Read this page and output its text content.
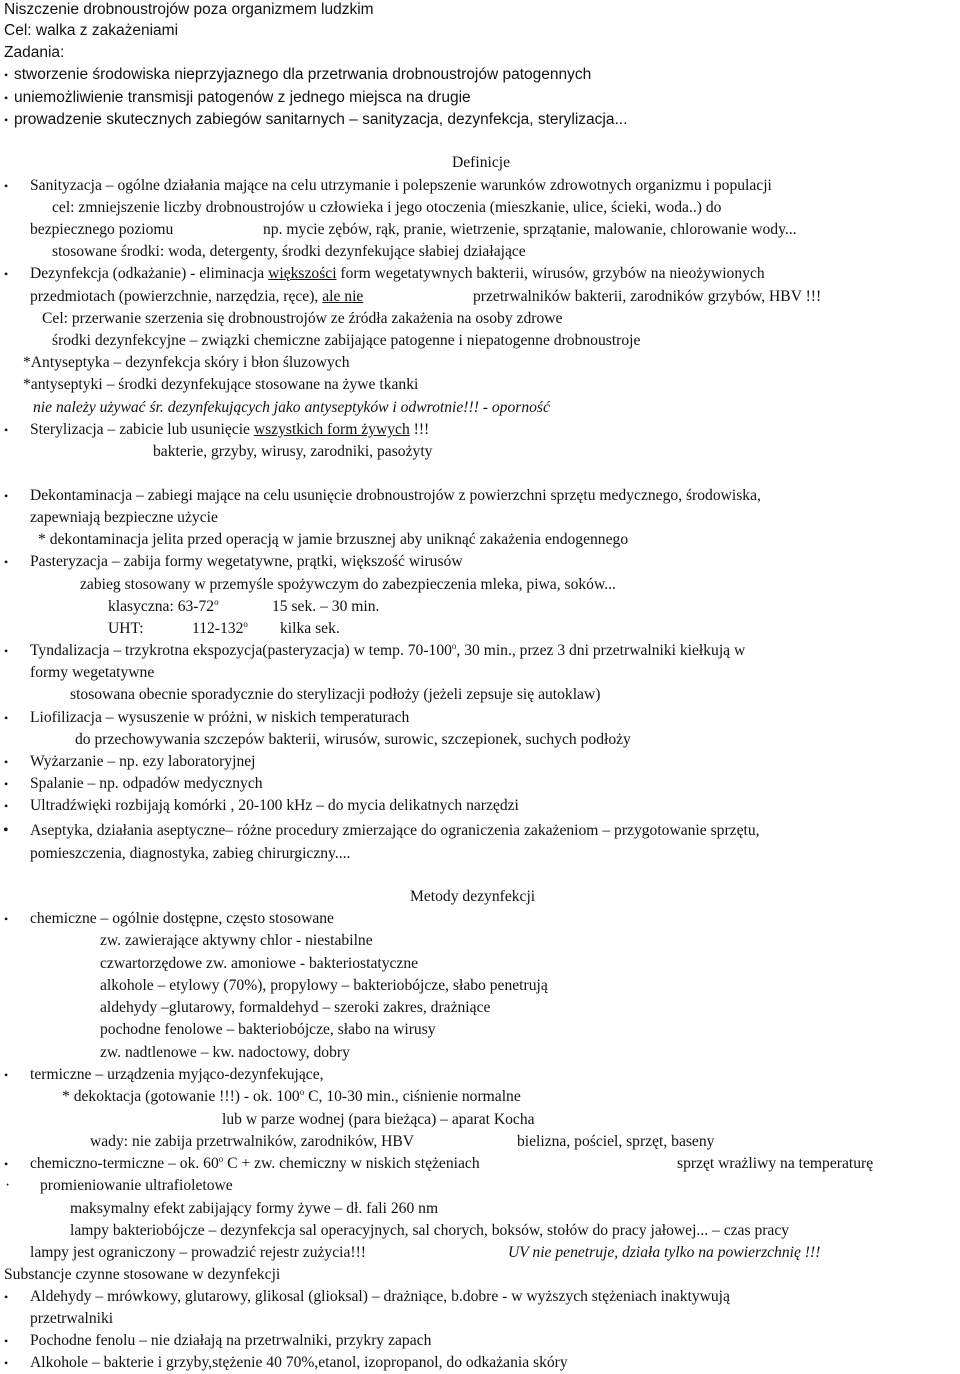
Niszczenie drobnoustrojów poza organizmem ludzkim
Cel: walka z zakażeniami
Zadania:
• stworzenie środowiska nieprzyjaznego dla przetrwania drobnoustrojów patogennych
• uniemożliwienie transmisji patogenów z jednego miejsca na drugie
• prowadzenie skutecznych zabiegów sanitarnych – sanityzacja, dezynfekcja, sterylizacja...
Definicje
• Sanityzacja – ogólne działania mające na celu utrzymanie i polepszenie warunków zdrowotnych organizmu i populacji
cel: zmniejszenie liczby drobnoustrojów u człowieka i jego otoczenia (mieszkanie, ulice, ścieki, woda..) do
bezpiecznego poziomu	np. mycie zębów, rąk, pranie, wietrzenie, sprzątanie, malowanie, chlorowanie wody...
stosowane środki: woda, detergenty, środki dezynfekujące słabiej działające
• Dezynfekcja (odkażanie) - eliminacja większości form wegetatywnych bakterii, wirusów, grzybów na nieożywionych
przedmiotach (powierzchnie, narzędzia, ręce), ale nie	przetrwalników bakterii, zarodników grzybów, HBV !!!
Cel: przerwanie szerzenia się drobnoustrojów ze źródła zakażenia na osoby zdrowe
środki dezynfekcyjne – związki chemiczne zabijające patogenne i niepatogenne drobnoustroje
*Antyseptyka – dezynfekcja skóry i błon śluzowych
*antyseptyki – środki dezynfekujące stosowane na żywe tkanki
nie należy używać śr. dezynfekujących jako antyseptyków i odwrotnie!!! - oporność
• Sterylizacja – zabicie lub usunięcie wszystkich form żywych !!!
bakterie, grzyby, wirusy, zarodniki, pasożyty
• Dekontaminacja – zabiegi mające na celu usunięcie drobnoustrojów z powierzchni sprzętu medycznego, środowiska,
zapewniają bezpieczne użycie
* dekontaminacja jelita przed operacją w jamie brzusznej aby uniknąć zakażenia endogennego
• Pasteryzacja – zabija formy wegetatywne, prątki, większość wirusów
zabieg stosowany w przemyśle spożywczym do zabezpieczenia mleka, piwa, soków...
klasyczna: 63-72$^o$	15 sek. – 30 min.
UHT:	112-132$^o$ kilka sek.
• Tyndalizacja – trzykrotna ekspozycja(pasteryzacja) w temp. 70-100$^o$, 30 min., przez 3 dni przetrwalniki kiełkują w
formy wegetatywne
stosowana obecnie sporadycznie do sterylizacji podłoży (jeżeli zepsuje się autoklaw)
• Liofilizacja – wysuszenie w próżni, w niskich temperaturach
do przechowywania szczepów bakterii, wirusów, surowic, szczepionek, suchych podłoży
• Wyżarzanie – np. ezy laboratoryjnej
• Spalanie – np. odpadów medycznych
• Ultradźwięki rozbijają komórki , 20-100 kHz – do mycia delikatnych narzędzi
• Aseptyka, działania aseptyczne– różne procedury zmierzające do ograniczenia zakażeniom – przygotowanie sprzętu,
pomieszczenia, diagnostyka, zabieg chirurgiczny....
Metody dezynfekcji
• chemiczne – ogólnie dostępne, często stosowane
zw. zawierające aktywny chlor - niestabilne
czwartorzędowe zw. amoniowe - bakteriostatyczne
alkohole – etylowy (70%), propylowy – bakteriobójcze, słabo penetrują
aldehydy –glutarowy, formaldehyd – szeroki zakres, drażniące
pochodne fenolowe – bakteriobójcze, słabo na wirusy
zw. nadtlenowe – kw. nadoctowy, dobry
• termiczne – urządzenia myjąco-dezynfekujące,
* dekoktacja (gotowanie !!!) - ok. 100$^o$ C, 10-30 min., ciśnienie normalne
lub w parze wodnej (para bieżąca) – aparat Kocha
wady: nie zabija przetrwalników, zarodników, HBV	bielizna, pościel, sprzęt, baseny
• chemiczno-termiczne – ok. 60$^o$ C + zw. chemiczny w niskich stężeniach	sprzęt wrażliwy na temperaturę
· promieniowanie ultrafioletowe
maksymalny efekt zabijający formy żywe – dł. fali 260 nm
lampy bakteriobójcze – dezynfekcja sal operacyjnych, sal chorych, boksów, stołów do pracy jałowej... – czas pracy
lampy jest ograniczony – prowadzić rejestr zużycia!!!	UV nie penetruje, działa tylko na powierzchnię !!!
Substancje czynne stosowane w dezynfekcji
• Aldehydy – mrówkowy, glutarowy, glikosal (glioksal) – drażniące, b.dobre - w wyższych stężeniach inaktywują
przetrwalniki
• Pochodne fenolu – nie działają na przetrwalniki, przykry zapach
• Alkohole – bakterie i grzyby,stężenie 40 70%,etanol, izopropanol, do odkażania skóry
